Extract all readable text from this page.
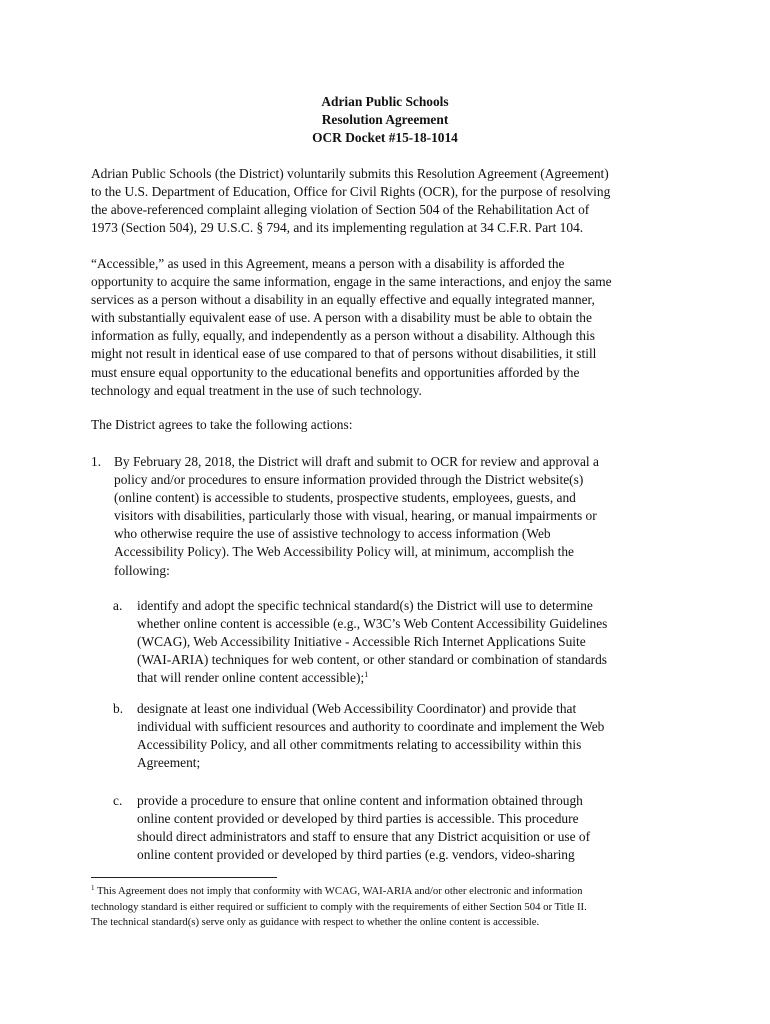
Adrian Public Schools
Resolution Agreement
OCR Docket #15-18-1014
Adrian Public Schools (the District) voluntarily submits this Resolution Agreement (Agreement)
to the U.S. Department of Education, Office for Civil Rights (OCR), for the purpose of resolving
the above-referenced complaint alleging violation of Section 504 of the Rehabilitation Act of
1973 (Section 504), 29 U.S.C. § 794, and its implementing regulation at 34 C.F.R. Part 104.
“Accessible,” as used in this Agreement, means a person with a disability is afforded the
opportunity to acquire the same information, engage in the same interactions, and enjoy the same
services as a person without a disability in an equally effective and equally integrated manner,
with substantially equivalent ease of use. A person with a disability must be able to obtain the
information as fully, equally, and independently as a person without a disability. Although this
might not result in identical ease of use compared to that of persons without disabilities, it still
must ensure equal opportunity to the educational benefits and opportunities afforded by the
technology and equal treatment in the use of such technology.
The District agrees to take the following actions:
1. By February 28, 2018, the District will draft and submit to OCR for review and approval a
policy and/or procedures to ensure information provided through the District website(s)
(online content) is accessible to students, prospective students, employees, guests, and
visitors with disabilities, particularly those with visual, hearing, or manual impairments or
who otherwise require the use of assistive technology to access information (Web
Accessibility Policy). The Web Accessibility Policy will, at minimum, accomplish the
following:
a. identify and adopt the specific technical standard(s) the District will use to determine
whether online content is accessible (e.g., W3C’s Web Content Accessibility Guidelines
(WCAG), Web Accessibility Initiative - Accessible Rich Internet Applications Suite
(WAI-ARIA) techniques for web content, or other standard or combination of standards
that will render online content accessible);$^1$
b. designate at least one individual (Web Accessibility Coordinator) and provide that
individual with sufficient resources and authority to coordinate and implement the Web
Accessibility Policy, and all other commitments relating to accessibility within this
Agreement;
c. provide a procedure to ensure that online content and information obtained through
online content provided or developed by third parties is accessible. This procedure
should direct administrators and staff to ensure that any District acquisition or use of
online content provided or developed by third parties (e.g. vendors, video-sharing
$^1$ This Agreement does not imply that conformity with WCAG, WAI-ARIA and/or other electronic and information
technology standard is either required or sufficient to comply with the requirements of either Section 504 or Title II.
The technical standard(s) serve only as guidance with respect to whether the online content is accessible.
